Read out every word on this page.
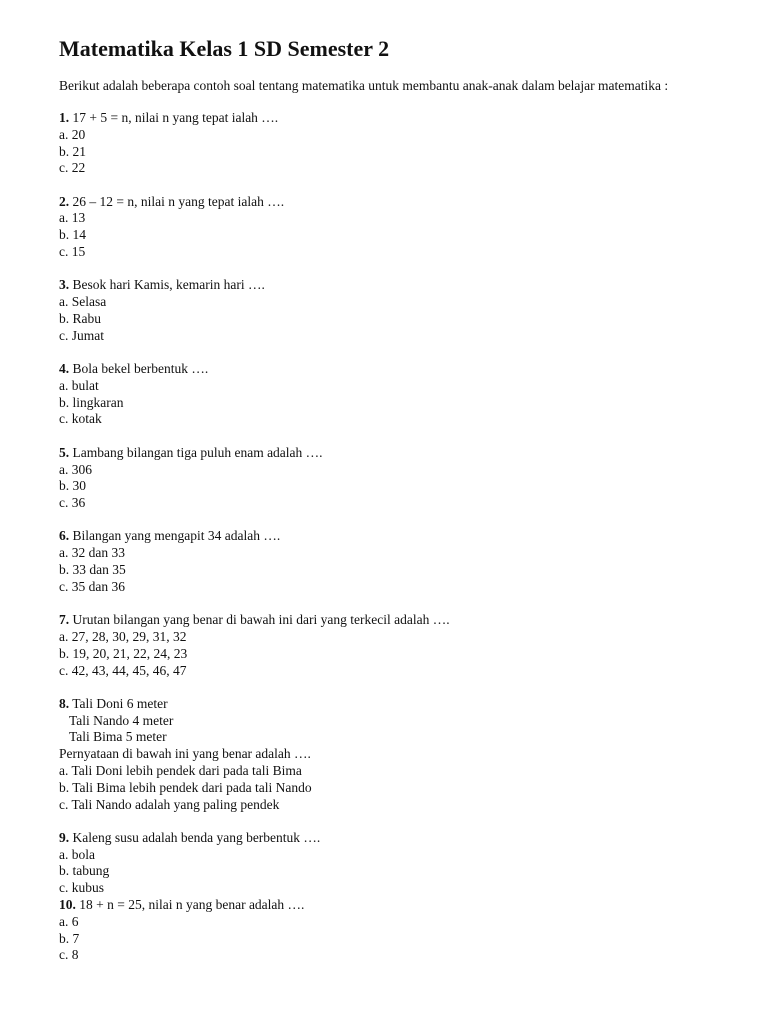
Matematika Kelas 1 SD Semester 2
Berikut adalah beberapa contoh soal tentang matematika untuk membantu anak-anak dalam belajar matematika :
1. 17 + 5 = n, nilai n yang tepat ialah ….
a. 20
b. 21
c. 22
2. 26 – 12 = n, nilai n yang tepat ialah ….
a. 13
b. 14
c. 15
3. Besok hari Kamis, kemarin hari ….
a. Selasa
b. Rabu
c. Jumat
4. Bola bekel berbentuk ….
a. bulat
b. lingkaran
c. kotak
5. Lambang bilangan tiga puluh enam adalah ….
a. 306
b. 30
c. 36
6. Bilangan yang mengapit 34 adalah ….
a. 32 dan 33
b. 33 dan 35
c. 35 dan 36
7. Urutan bilangan yang benar di bawah ini dari yang terkecil adalah ….
a. 27, 28, 30, 29, 31, 32
b. 19, 20, 21, 22, 24, 23
c. 42, 43, 44, 45, 46, 47
8. Tali Doni 6 meter
Tali Nando 4 meter
Tali Bima 5 meter
Pernyataan di bawah ini yang benar adalah ….
a. Tali Doni lebih pendek dari pada tali Bima
b. Tali Bima lebih pendek dari pada tali Nando
c. Tali Nando adalah yang paling pendek
9. Kaleng susu adalah benda yang berbentuk ….
a. bola
b. tabung
c. kubus
10. 18 + n = 25, nilai n yang benar adalah ….
a. 6
b. 7
c. 8
